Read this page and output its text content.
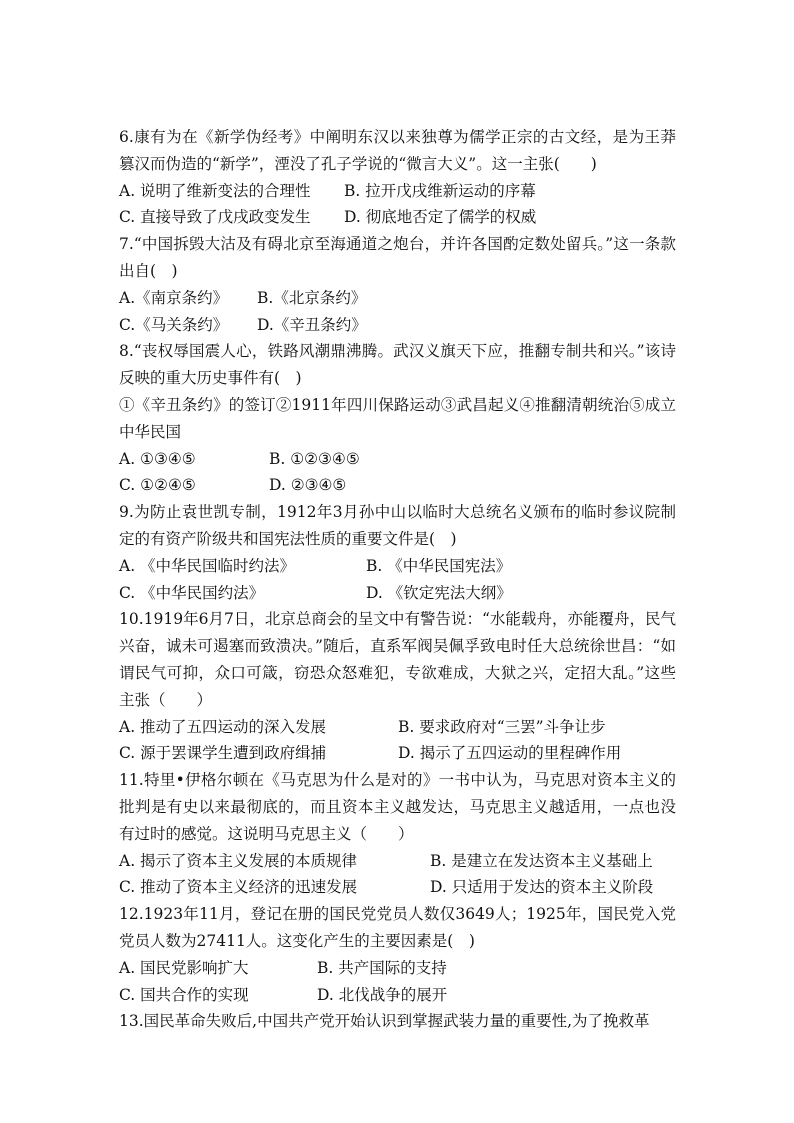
6.康有为在《新学伪经考》中阐明东汉以来独尊为儒学正宗的古文经，是为王莽篡汉而伪造的“新学”，湮没了孔子学说的“微言大义”。这一主张(　　)
A. 说明了维新变法的合理性	B. 拉开戊戌维新运动的序幕
C. 直接导致了戊戌政变发生	D. 彻底地否定了儒学的权威
7.“中国拆毁大沽及有碍北京至海通道之炮台，并许各国酌定数处留兵。”这一条款出自(　)
A.《南京条约》	B.《北京条约》
C.《马关条约》	D.《辛丑条约》
8.“丧权辱国震人心，铁路风潮鼎沸腾。武汉义旗天下应，推翻专制共和兴。”该诗反映的重大历史事件有(　)
①《辛丑条约》的签订②1911年四川保路运动③武昌起义④推翻清朝统治⑤成立中华民国
A. ①③④⑤	B. ①②③④⑤
C. ①②④⑤	D. ②③④⑤
9.为防止袁世凯专制，1912年3月孙中山以临时大总统名义颁布的临时参议院制定的有资产阶级共和国宪法性质的重要文件是(　)
A. 《中华民国临时约法》	B. 《中华民国宪法》
C. 《中华民国约法》	D. 《钦定宪法大纲》
10.1919年6月7日，北京总商会的呈文中有警告说：“水能载舟，亦能覆舟，民气兴奋，诚未可遏塞而致溃决。”随后，直系军阀吴佩孚致电时任大总统徐世昌：“如谓民气可抑，众口可箴，窃恐众怒难犯，专欲难成，大狱之兴，定招大乱。”这些主张（　　）
A. 推动了五四运动的深入发展	B. 要求政府对“三罢”斗争让步
C. 源于罢课学生遭到政府缉捕	D. 揭示了五四运动的里程碑作用
11.特里•伊格尔顿在《马克思为什么是对的》一书中认为，马克思对资本主义的批判是有史以来最彻底的，而且资本主义越发达，马克思主义越适用，一点也没有过时的感觉。这说明马克思主义（　　）
A. 揭示了资本主义发展的本质规律	B. 是建立在发达资本主义基础上
C. 推动了资本主义经济的迅速发展	D. 只适用于发达的资本主义阶段
12.1923年11月，登记在册的国民党党员人数仅3649人；1925年，国民党入党党员人数为27411人。这变化产生的主要因素是(　)
A. 国民党影响扩大	B. 共产国际的支持
C. 国共合作的实现	D. 北伐战争的展开
13.国民革命失败后,中国共产党开始认识到掌握武装力量的重要性,为了挽救革
